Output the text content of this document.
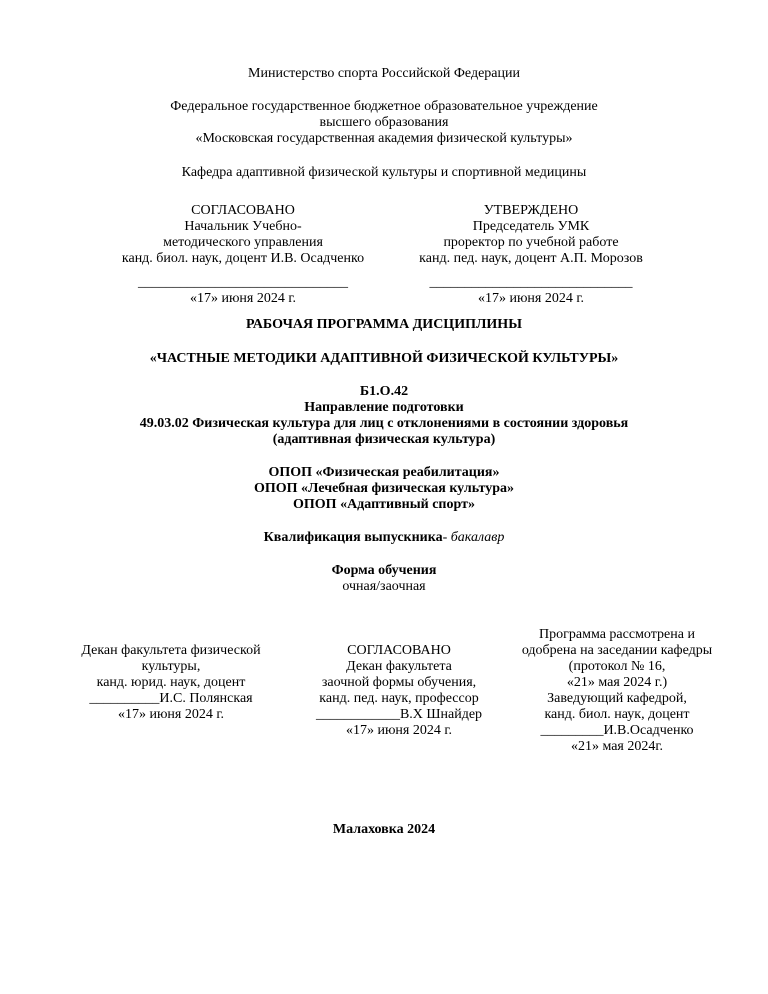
Министерство спорта Российской Федерации
Федеральное государственное бюджетное образовательное учреждение
высшего образования
«Московская государственная академия физической культуры»
Кафедра адаптивной физической культуры и спортивной медицины
СОГЛАСОВАНО
Начальник Учебно-
методического управления
канд. биол. наук, доцент И.В. Осадченко
______________________________
«17» июня 2024 г.
УТВЕРЖДЕНО
Председатель УМК
проректор по учебной работе
канд. пед. наук, доцент А.П. Морозов
_____________________________
«17» июня 2024 г.
РАБОЧАЯ ПРОГРАММА ДИСЦИПЛИНЫ
«ЧАСТНЫЕ МЕТОДИКИ АДАПТИВНОЙ ФИЗИЧЕСКОЙ КУЛЬТУРЫ»
Б1.О.42
Направление подготовки
49.03.02 Физическая культура для лиц с отклонениями в состоянии здоровья
(адаптивная физическая культура)
ОПОП «Физическая реабилитация»
ОПОП «Лечебная физическая культура»
ОПОП «Адаптивный спорт»
Квалификация выпускника- бакалавр
Форма обучения
очная/заочная
Декан факультета физической
культуры,
канд. юрид. наук, доцент
__________И.С. Полянская
«17» июня 2024 г.
СОГЛАСОВАНО
Декан факультета
заочной формы обучения,
канд. пед. наук, профессор
____________В.Х Шнайдер
«17» июня 2024 г.
Программа рассмотрена и
одобрена на заседании кафедры
(протокол № 16,
«21» мая 2024 г.)
Заведующий кафедрой,
канд. биол. наук, доцент
_________И.В.Осадченко
«21» мая 2024г.
Малаховка 2024
